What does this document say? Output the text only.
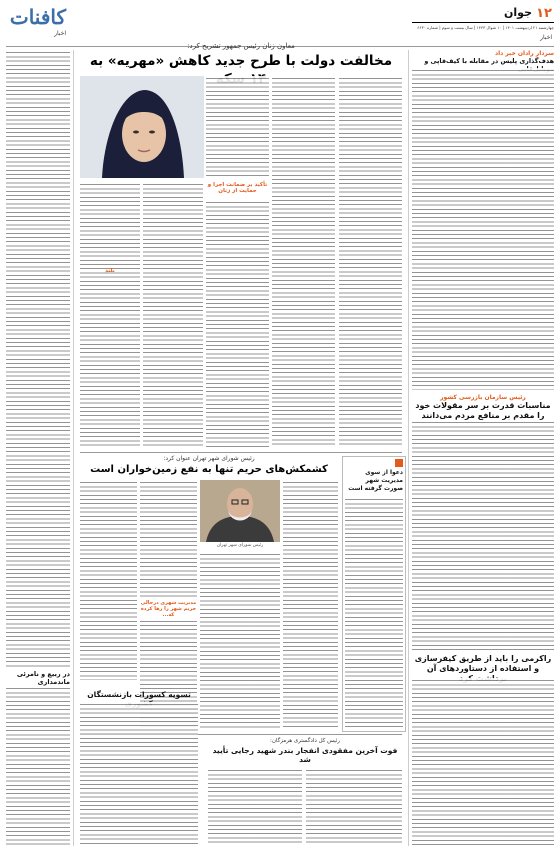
۱۲
جوان
چهارشنبه ۲۱ اردیبهشت ۱۴۰۱ | ۱۰ شوال ۱۴۴۳ | سال بیست و سوم | شماره ۶۶۳۰
اخبار
کافنات
اخبار
در ربیع و نامرئی ماندمداری
سردار رادان خبر داد
هدف‌گذاری پلیس در مقابله با کیف‌قاپی و
رئیس سازمان بازرسی کشور
مناسبات قدرت بر سر مقولات خود را مقدم بر منافع مردم می‌دانند
راکرمی را باید از طریق کیفرسازی و استفاده از دستاوردهای آن
معاون زنان رئیس جمهور تشریح کرد:
مخالفت دولت با طرح جدید کاهش «مهریه» به
تأکید بر ضمانت اجرا و حمایت از زنان
بلند
رئیس شورای شهر تهران عنوان کرد:
کشمکش‌های حریم تنها به نفع زمین‌خواران است
رئیس شورای شهر تهران
مدیریت شهری درحالی حریم شهر را رها کرده که...
دعوا از سوی مدیریت شهر صورت گرفته است
تسویه کسورات بازنشستگان
رئیس کل دادگستری هرمزگان:
فوت آخرین مفقودی انفجار بندر شهید رجایی تأیید شد
